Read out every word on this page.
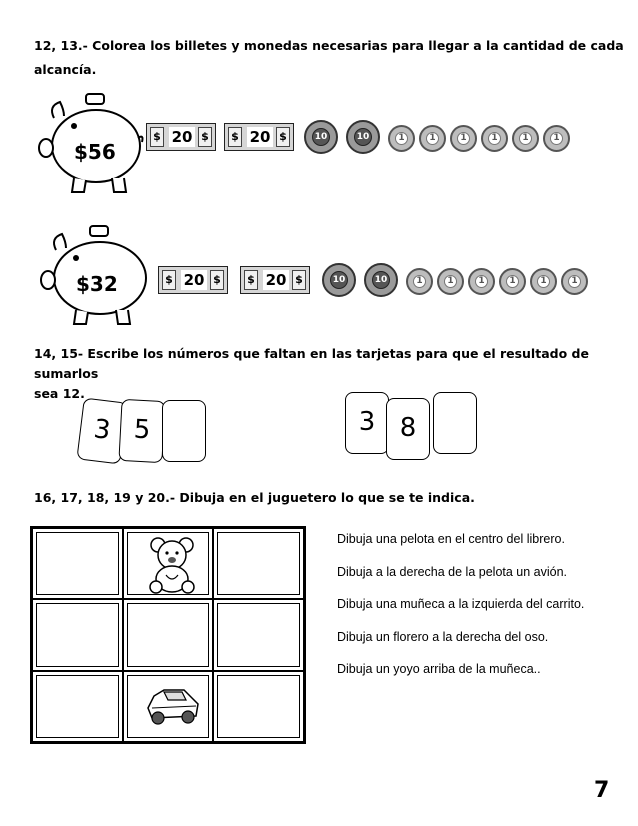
12, 13.- Colorea los billetes y monedas necesarias para llegar a la cantidad de cada
alcancía.
$56
$ 20 $ $ 20 $	10	10	1	1	1	1	1	1
$32	$ 20 $ $ 20 $	10	10	1	1	1	1	1	1
14, 15- Escribe los números que faltan en las tarjetas para que el resultado de sumarlos
sea 12.
3 5	3 8
16, 17, 18, 19 y 20.- Dibuja en el juguetero lo que se te indica.
Dibuja una pelota en el centro del librero.
Dibuja a la derecha de la pelota un avión.
Dibuja una muñeca a la izquierda del carrito.
Dibuja un florero a la derecha del oso.
Dibuja un yoyo arriba de la muñeca..
7
